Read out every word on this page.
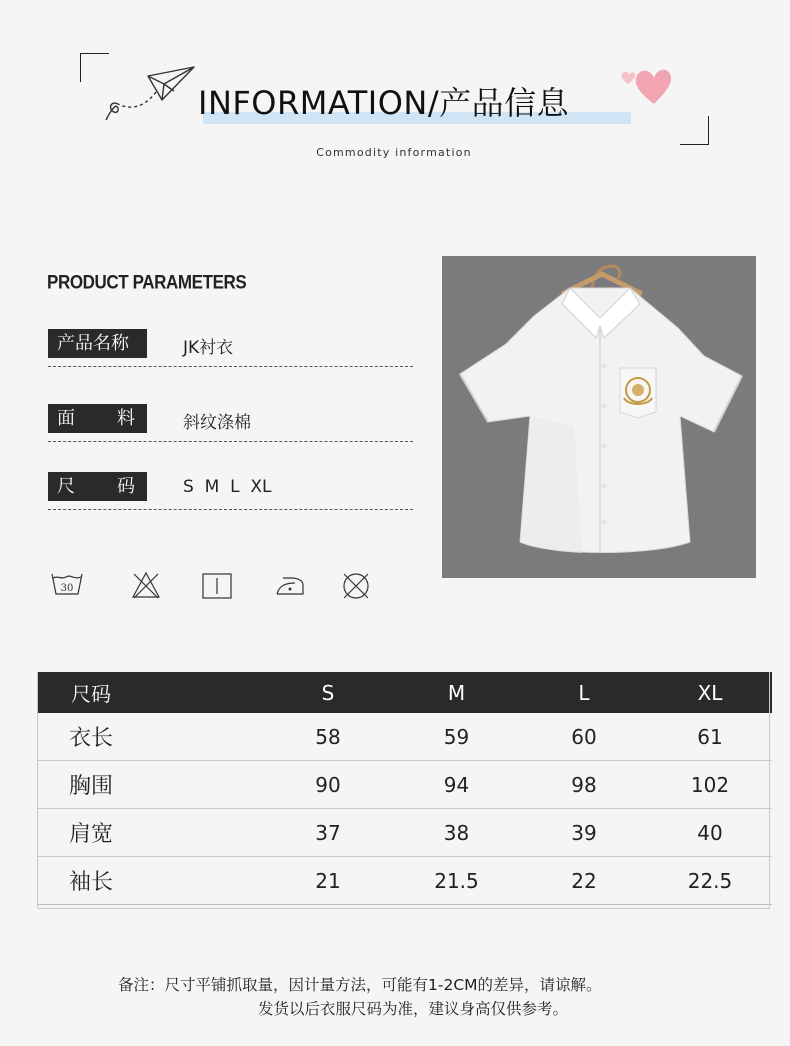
INFORMATION/产品信息
Commodity information
PRODUCT PARAMETERS
产品名称	JK衬衣
面 料	斜纹涤棉
尺 码	S  M  L  XL
30
尺码	S	M	L	XL
衣长	58	59	60	61
胸围	90	94	98	102
肩宽	37	38	39	40
袖长	21	21.5	22	22.5
备注：尺寸平铺抓取量，因计量方法，可能有1-2CM的差异，请谅解。
发货以后衣服尺码为准，建议身高仅供参考。
